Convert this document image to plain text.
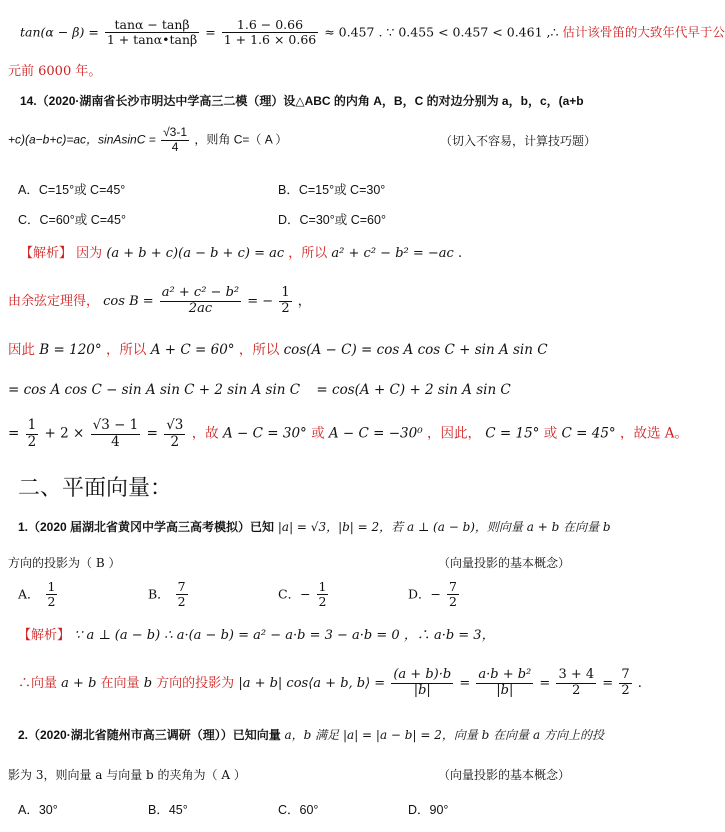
$\tan(\alpha - \beta) = \frac{\tan\alpha - \tan\beta}{1 + \tan\alpha•\tan\beta} = \frac{1.6 - 0.66}{1 + 1.6 \times 0.66} \approx 0.457$ . ∵ 0.455 < 0.457 < 0.461 ,∴ 估计该骨笛的大致年代早于公
元前 6000 年。
14.（2020·湖南省长沙市明达中学高三二模（理）设△ABC 的内角 A，B，C 的对边分别为 a，b，c，(a+b
+c)(a−b+c)=ac，sinAsinC = $\frac{√3-1}{4}$ ，则角 C=（ A ）	（切入不容易，计算技巧题）
A．C=15°或 C=45°	B．C=15°或 C=30°
C．C=60°或 C=45°	D．C=30°或 C=60°
【解析】 因为 (a + b + c)(a − b + c) = ac ，所以 a² + c² − b² = −ac .
由余弦定理得， $\cos B = \frac{\text{a² + c² − b²}}{2ac}$ = − $\frac{1}{2}$ ，
因此 B = 120° ，所以 A + C = 60° ，所以 cos(A − C) = cos A cos C + sin A sin C
= cos A cos C − sin A sin C + 2 sin A sin C = cos(A + C) + 2 sin A sin C
= $\frac{1}{2} + 2 \times \frac{√3 - 1}{4} = \frac{√3}{2}$ ，故 A − C = 30° 或 A − C = −30⁰ ，因此， C = 15° 或 C = 45° ，故选 A。
二、平面向量：
1.（2020 届湖北省黄冈中学高三高考模拟）已知 |a| = √3，|b| = 2，若 a ⊥ (a − b)，则向量 a + b 在向量 b
方向的投影为（ B ）	（向量投影的基本概念）
A． $\frac{1}{2}$	B． $\frac{7}{2}$	C．− $\frac{1}{2}$	D．− $\frac{7}{2}$
【解析】 ∵ a ⊥ (a − b) ∴ a·(a − b) = a² − a·b = 3 − a·b = 0 ，∴ a·b = 3，
∴向量 a + b 在向量 b 方向的投影为 |a + b| cos⟨a + b, b⟩ = $\frac{(a + b)\cdot b}{|b|} = \frac{\text{a·b + b²}}{|b|} = \frac{3 + 4}{2} = \frac{7}{2}$ .
2.（2020·湖北省随州市高三调研（理））已知向量 a，b 满足 |a| = |a − b| = 2，向量 b 在向量 a 方向上的投
影为 3，则向量 a 与向量 b 的夹角为（ A ）	（向量投影的基本概念）
A．30°	B．45°	C．60°	D．90°
